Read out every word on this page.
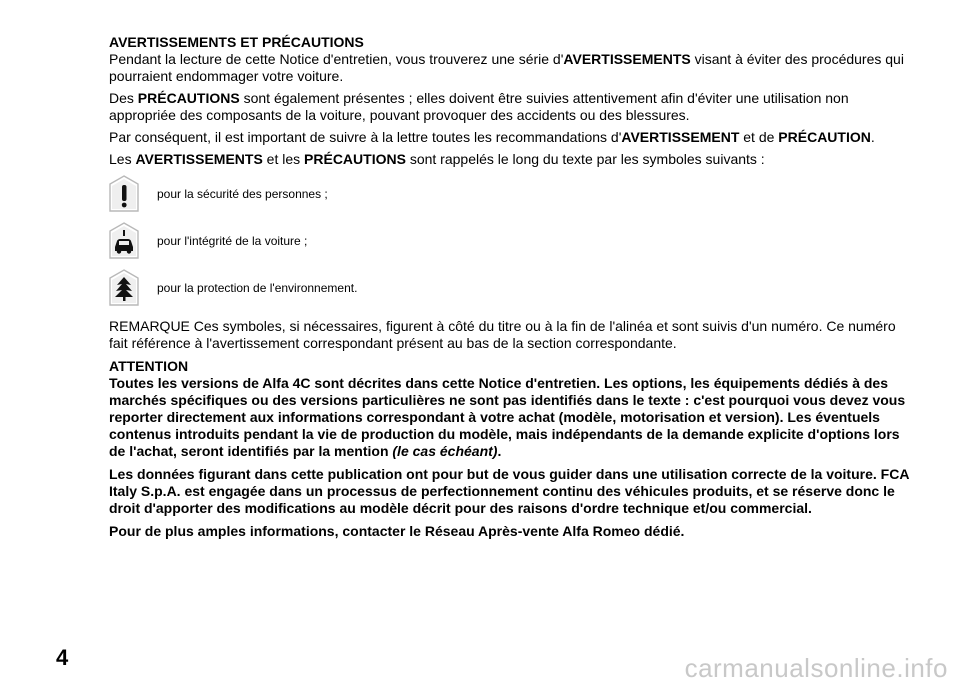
AVERTISSEMENTS ET PRÉCAUTIONS

Pendant la lecture de cette Notice d'entretien, vous trouverez une série d'AVERTISSEMENTS visant à éviter des procédures qui pourraient endommager votre voiture.

Des PRÉCAUTIONS sont également présentes ; elles doivent être suivies attentivement afin d'éviter une utilisation non appropriée des composants de la voiture, pouvant provoquer des accidents ou des blessures.

Par conséquent, il est important de suivre à la lettre toutes les recommandations d'AVERTISSEMENT et de PRÉCAUTION.

Les AVERTISSEMENTS et les PRÉCAUTIONS sont rappelés le long du texte par les symboles suivants :

pour la sécurité des personnes ;
pour l'intégrité de la voiture ;
pour la protection de l'environnement.

REMARQUE Ces symboles, si nécessaires, figurent à côté du titre ou à la fin de l'alinéa et sont suivis d'un numéro. Ce numéro fait référence à l'avertissement correspondant présent au bas de la section correspondante.

ATTENTION

Toutes les versions de Alfa 4C sont décrites dans cette Notice d'entretien. Les options, les équipements dédiés à des marchés spécifiques ou des versions particulières ne sont pas identifiés dans le texte : c'est pourquoi vous devez vous reporter directement aux informations correspondant à votre achat (modèle, motorisation et version). Les éventuels contenus introduits pendant la vie de production du modèle, mais indépendants de la demande explicite d'options lors de l'achat, seront identifiés par la mention (le cas échéant).

Les données figurant dans cette publication ont pour but de vous guider dans une utilisation correcte de la voiture. FCA Italy S.p.A. est engagée dans un processus de perfectionnement continu des véhicules produits, et se réserve donc le droit d'apporter des modifications au modèle décrit pour des raisons d'ordre technique et/ou commercial.

Pour de plus amples informations, contacter le Réseau Après-vente Alfa Romeo dédié.

4	carmanualsonline.info
